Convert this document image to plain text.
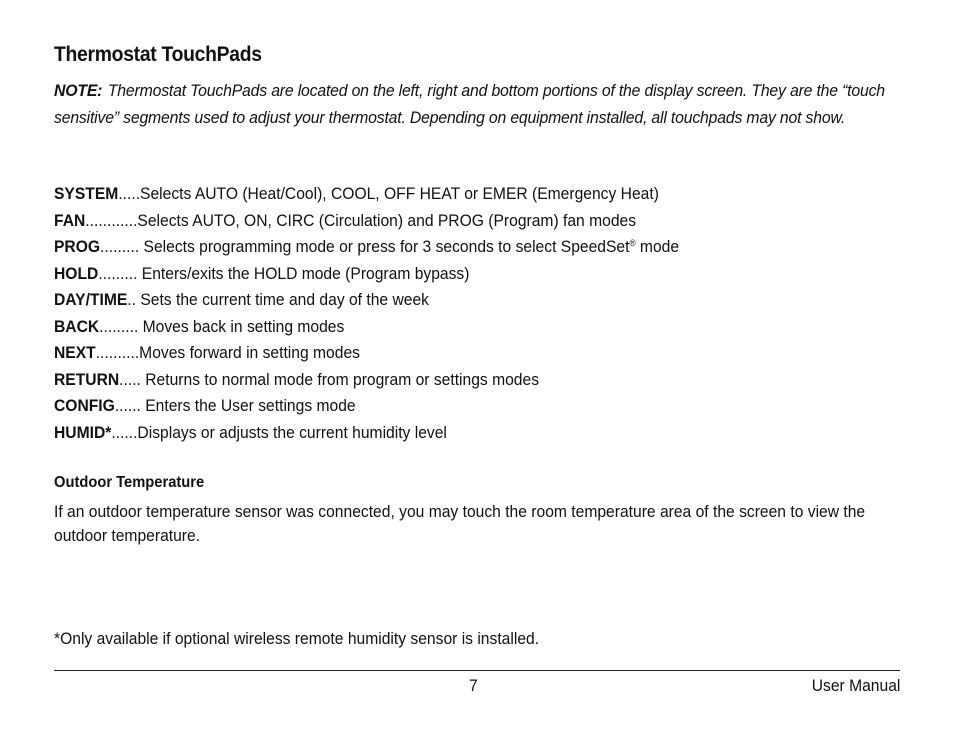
Thermostat TouchPads
NOTE: Thermostat TouchPads are located on the left, right and bottom portions of the display screen. They are the “touch sensitive” segments used to adjust your thermostat. Depending on equipment installed, all touchpads may not show.
SYSTEM ..... Selects AUTO (Heat/Cool), COOL, OFF HEAT or EMER (Emergency Heat)
FAN ............ Selects AUTO, ON, CIRC (Circulation) and PROG (Program) fan modes
PROG ......... Selects programming mode or press for 3 seconds to select SpeedSet® mode
HOLD ......... Enters/exits the HOLD mode (Program bypass)
DAY/TIME .. Sets the current time and day of the week
BACK ......... Moves back in setting modes
NEXT .......... Moves forward in setting modes
RETURN ..... Returns to normal mode from program or settings modes
CONFIG ...... Enters the User settings mode
HUMID* ...... Displays or adjusts the current humidity level
Outdoor Temperature
If an outdoor temperature sensor was connected, you may touch the room temperature area of the screen to view the outdoor temperature.
*Only available if optional wireless remote humidity sensor is installed.
7	User Manual
